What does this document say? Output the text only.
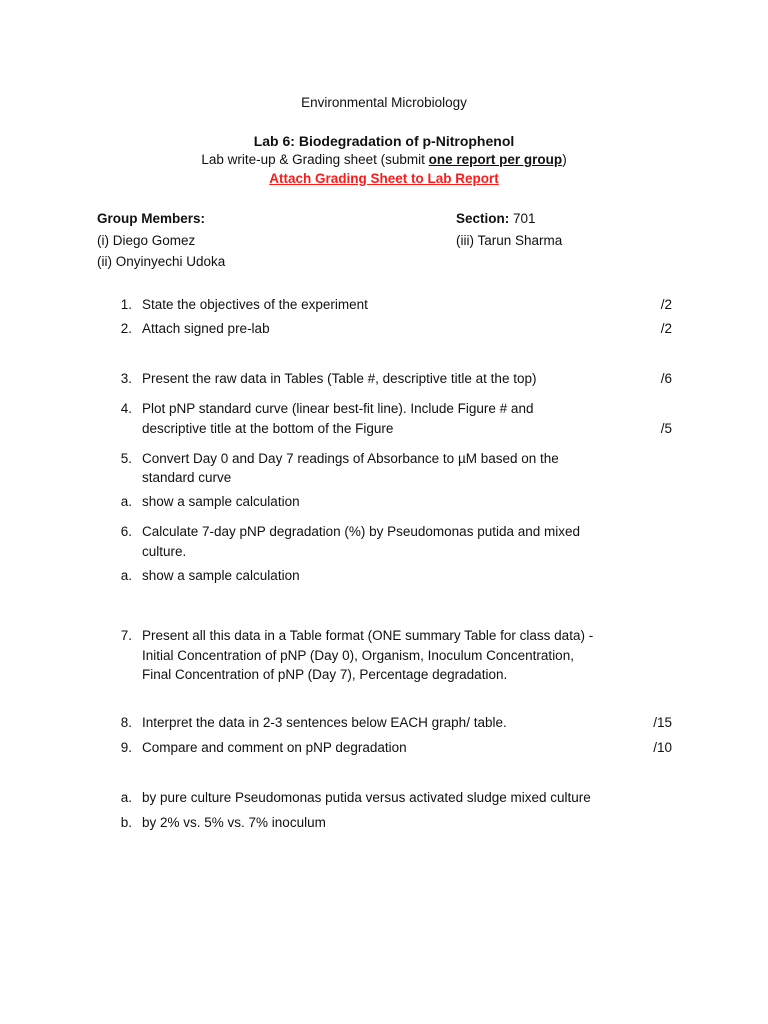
Environmental Microbiology
Lab 6: Biodegradation of p-Nitrophenol
Lab write-up & Grading sheet (submit one report per group)
Attach Grading Sheet to Lab Report
Group Members:
(i) Diego Gomez
(ii) Onyinyechi Udoka
Section: 701
(iii) Tarun Sharma
1. State the objectives of the experiment	/2
2. Attach signed pre-lab	/2
3. Present the raw data in Tables (Table #, descriptive title at the top)	/6
4. Plot pNP standard curve (linear best-fit line). Include Figure # and
descriptive title at the bottom of the Figure	/5
5. Convert Day 0 and Day 7 readings of Absorbance to µM based on the
standard curve
a. show a sample calculation
6. Calculate 7-day pNP degradation (%) by Pseudomonas putida and mixed
culture.
a. show a sample calculation
7. Present all this data in a Table format (ONE summary Table for class data) -
Initial Concentration of pNP (Day 0), Organism, Inoculum Concentration,
Final Concentration of pNP (Day 7), Percentage degradation.
8. Interpret the data in 2-3 sentences below EACH graph/ table.	/15
9. Compare and comment on pNP degradation	/10
a. by pure culture Pseudomonas putida versus activated sludge mixed culture
b. by 2% vs. 5% vs. 7% inoculum
